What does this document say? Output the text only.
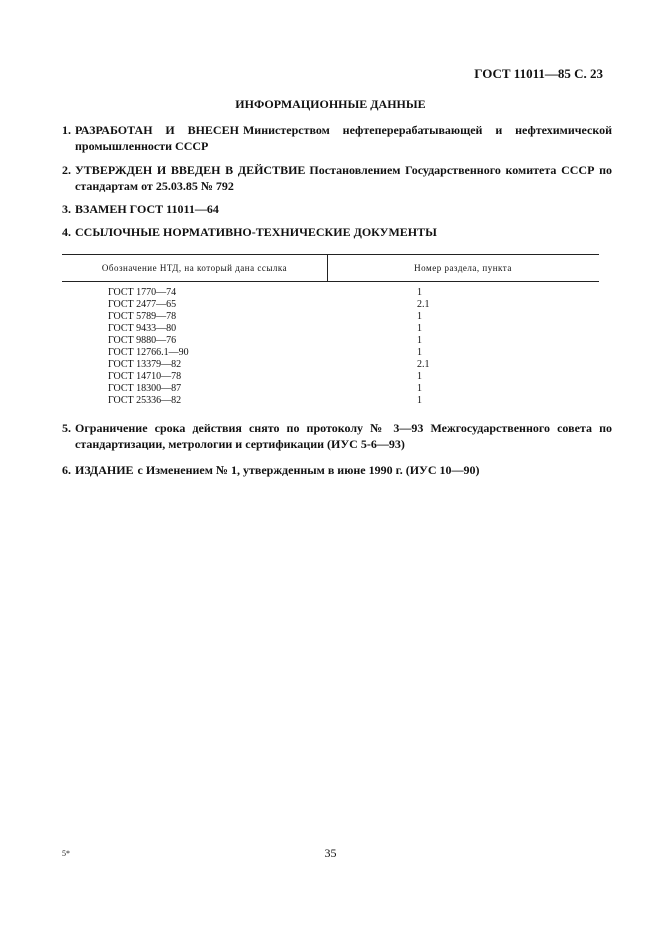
ГОСТ 11011—85 С. 23
ИНФОРМАЦИОННЫЕ ДАННЫЕ
1. РАЗРАБОТАН И ВНЕСЕН Министерством нефтеперерабатывающей и нефтехимической промышленности СССР
2. УТВЕРЖДЕН И ВВЕДЕН В ДЕЙСТВИЕ Постановлением Государственного комитета СССР по стандартам от 25.03.85 № 792
3. ВЗАМЕН ГОСТ 11011—64
4. ССЫЛОЧНЫЕ НОРМАТИВНО-ТЕХНИЧЕСКИЕ ДОКУМЕНТЫ
Обозначение НТД, на который дана ссылка	Номер раздела, пункта
ГОСТ 1770—74	1
ГОСТ 2477—65	2.1
ГОСТ 5789—78	1
ГОСТ 9433—80	1
ГОСТ 9880—76	1
ГОСТ 12766.1—90	1
ГОСТ 13379—82	2.1
ГОСТ 14710—78	1
ГОСТ 18300—87	1
ГОСТ 25336—82	1
5. Ограничение срока действия снято по протоколу № 3—93 Межгосударственного совета по стандартизации, метрологии и сертификации (ИУС 5-6—93)
6. ИЗДАНИЕ с Изменением № 1, утвержденным в июне 1990 г. (ИУС 10—90)
5*	35
